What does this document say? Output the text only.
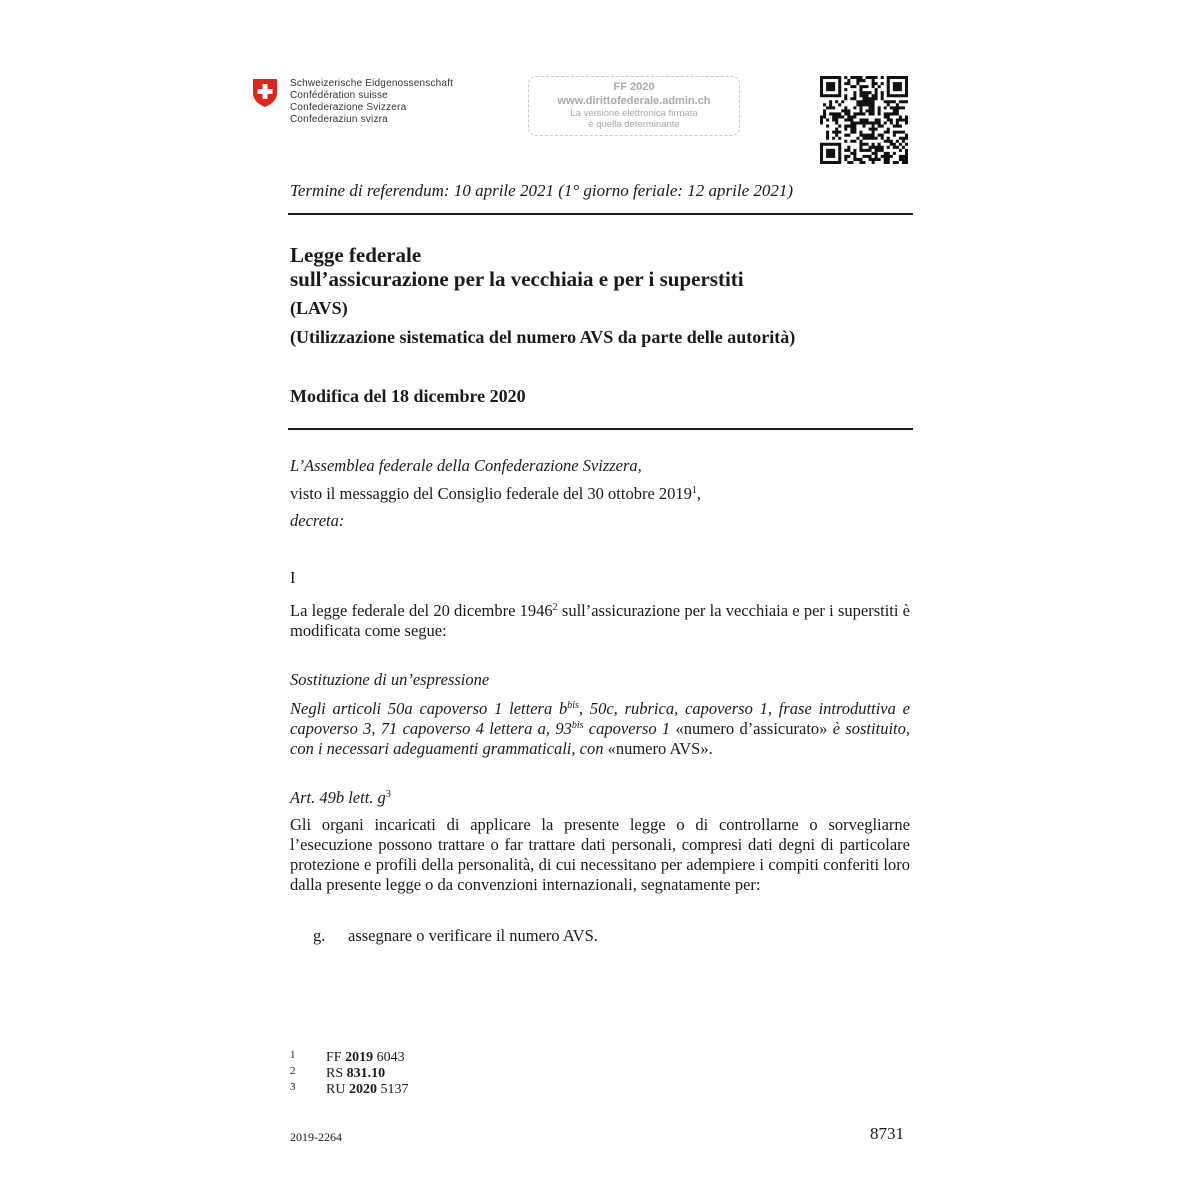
Schweizerische Eidgenossenschaft
Confédération suisse
Confederazione Svizzera
Confederaziun svizra
FF 2020
www.dirittofederale.admin.ch
La versione elettronica firmata
è quella determinante
Termine di referendum: 10 aprile 2021 (1° giorno feriale: 12 aprile 2021)
Legge federale
sull’assicurazione per la vecchiaia e per i superstiti
(LAVS)
(Utilizzazione sistematica del numero AVS da parte delle autorità)
Modifica del 18 dicembre 2020
L’Assemblea federale della Confederazione Svizzera,
visto il messaggio del Consiglio federale del 30 ottobre 2019$^1$,
decreta:
I
La legge federale del 20 dicembre 1946$^2$ sull’assicurazione per la vecchiaia e per i superstiti è modificata come segue:
Sostituzione di un’espressione
Negli articoli 50a capoverso 1 lettera $b^{bis}$, 50c, rubrica, capoverso 1, frase introduttiva e capoverso 3, 71 capoverso 4 lettera a, $93^{bis}$ capoverso 1 «numero d’assicurato» è sostituito, con i necessari adeguamenti grammaticali, con «numero AVS».
Art. 49b lett. $g^3$
Gli organi incaricati di applicare la presente legge o di controllarne o sorvegliarne l’esecuzione possono trattare o far trattare dati personali, compresi dati degni di particolare protezione e profili della personalità, di cui necessitano per adempiere i compiti conferiti loro dalla presente legge o da convenzioni internazionali, segnatamente per:
g. assegnare o verificare il numero AVS.
1 FF 2019 6043
2 RS 831.10
3 RU 2020 5137
2019-2264	8731
